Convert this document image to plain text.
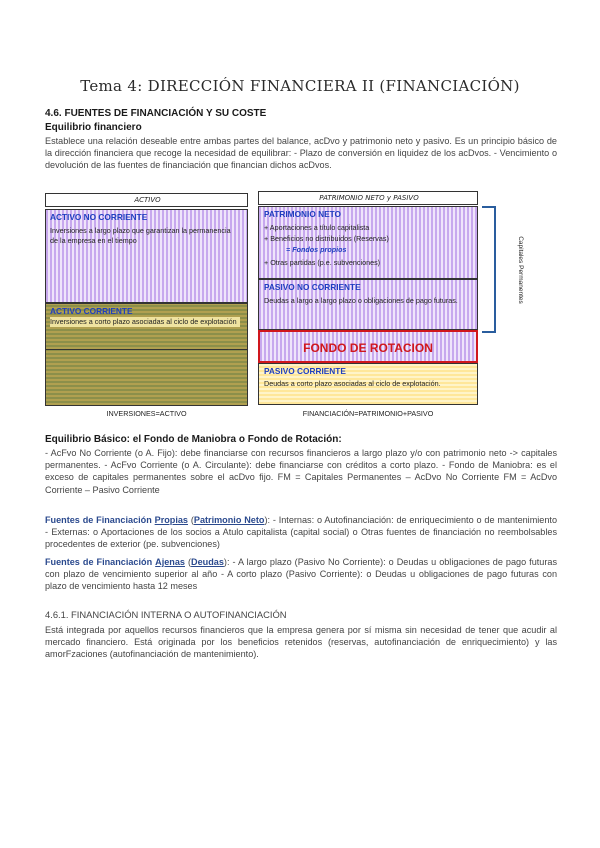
Tema 4: DIRECCIÓN FINANCIERA II (FINANCIACIÓN)
4.6. FUENTES DE FINANCIACIÓN Y SU COSTE
Equilibrio financiero
Establece una relación deseable entre ambas partes del balance, acDvo y patrimonio neto y pasivo. Es un principio básico de la dirección financiera que recoge la necesidad de equilibrar: - Plazo de conversión en liquidez de los acDvos. - Vencimiento o devolución de las fuentes de financiación que financian dichos acDvos.
ACTIVO	PATRIMONIO NETO y PASIVO
ACTIVO NO CORRIENTE
Inversiones a largo plazo que garantizan la permanencia de la empresa en el tiempo
ACTIVO CORRIENTE
Inversiones a corto plazo asociadas al ciclo de explotación
PATRIMONIO NETO
+ Aportaciones a título capitalista
+ Beneficios no distribuidos (Reservas)
= Fondos propios
+ Otras partidas (p.e. subvenciones)
PASIVO NO CORRIENTE
Deudas a largo a largo plazo o obligaciones de pago futuras.
FONDO DE ROTACION
PASIVO CORRIENTE
Deudas a corto plazo asociadas al ciclo de explotación.
Capitales Permanentes
INVERSIONES=ACTIVO	FINANCIACIÓN=PATRIMONIO+PASIVO
Equilibrio Básico: el Fondo de Maniobra o Fondo de Rotación:
- AcFvo No Corriente (o A. Fijo): debe financiarse con recursos financieros a largo plazo y/o con patrimonio neto -> capitales permanentes. - AcFvo Corriente (o A. Circulante): debe financiarse con créditos a corto plazo. - Fondo de Maniobra: es el exceso de capitales permanentes sobre el acDvo fijo. FM = Capitales Permanentes – AcDvo No Corriente FM = AcDvo Corriente – Pasivo Corriente
Fuentes de Financiación Propias (Patrimonio Neto): - Internas: o Autofinanciación: de enriquecimiento o de mantenimiento - Externas: o Aportaciones de los socios a Atulo capitalista (capital social) o Otras fuentes de financiación no reembolsables procedentes de exterior (pe. subvenciones)
Fuentes de Financiación Ajenas (Deudas): - A largo plazo (Pasivo No Corriente): o Deudas u obligaciones de pago futuras con plazo de vencimiento superior al año - A corto plazo (Pasivo Corriente): o Deudas u obligaciones de pago futuras con plazo de vencimiento hasta 12 meses
4.6.1. FINANCIACIÓN INTERNA O AUTOFINANCIACIÓN
Está integrada por aquellos recursos financieros que la empresa genera por sí misma sin necesidad de tener que acudir al mercado financiero. Está originada por los beneficios retenidos (reservas, autofinanciación de enriquecimiento) y las amorFzaciones (autofinanciación de mantenimiento).
